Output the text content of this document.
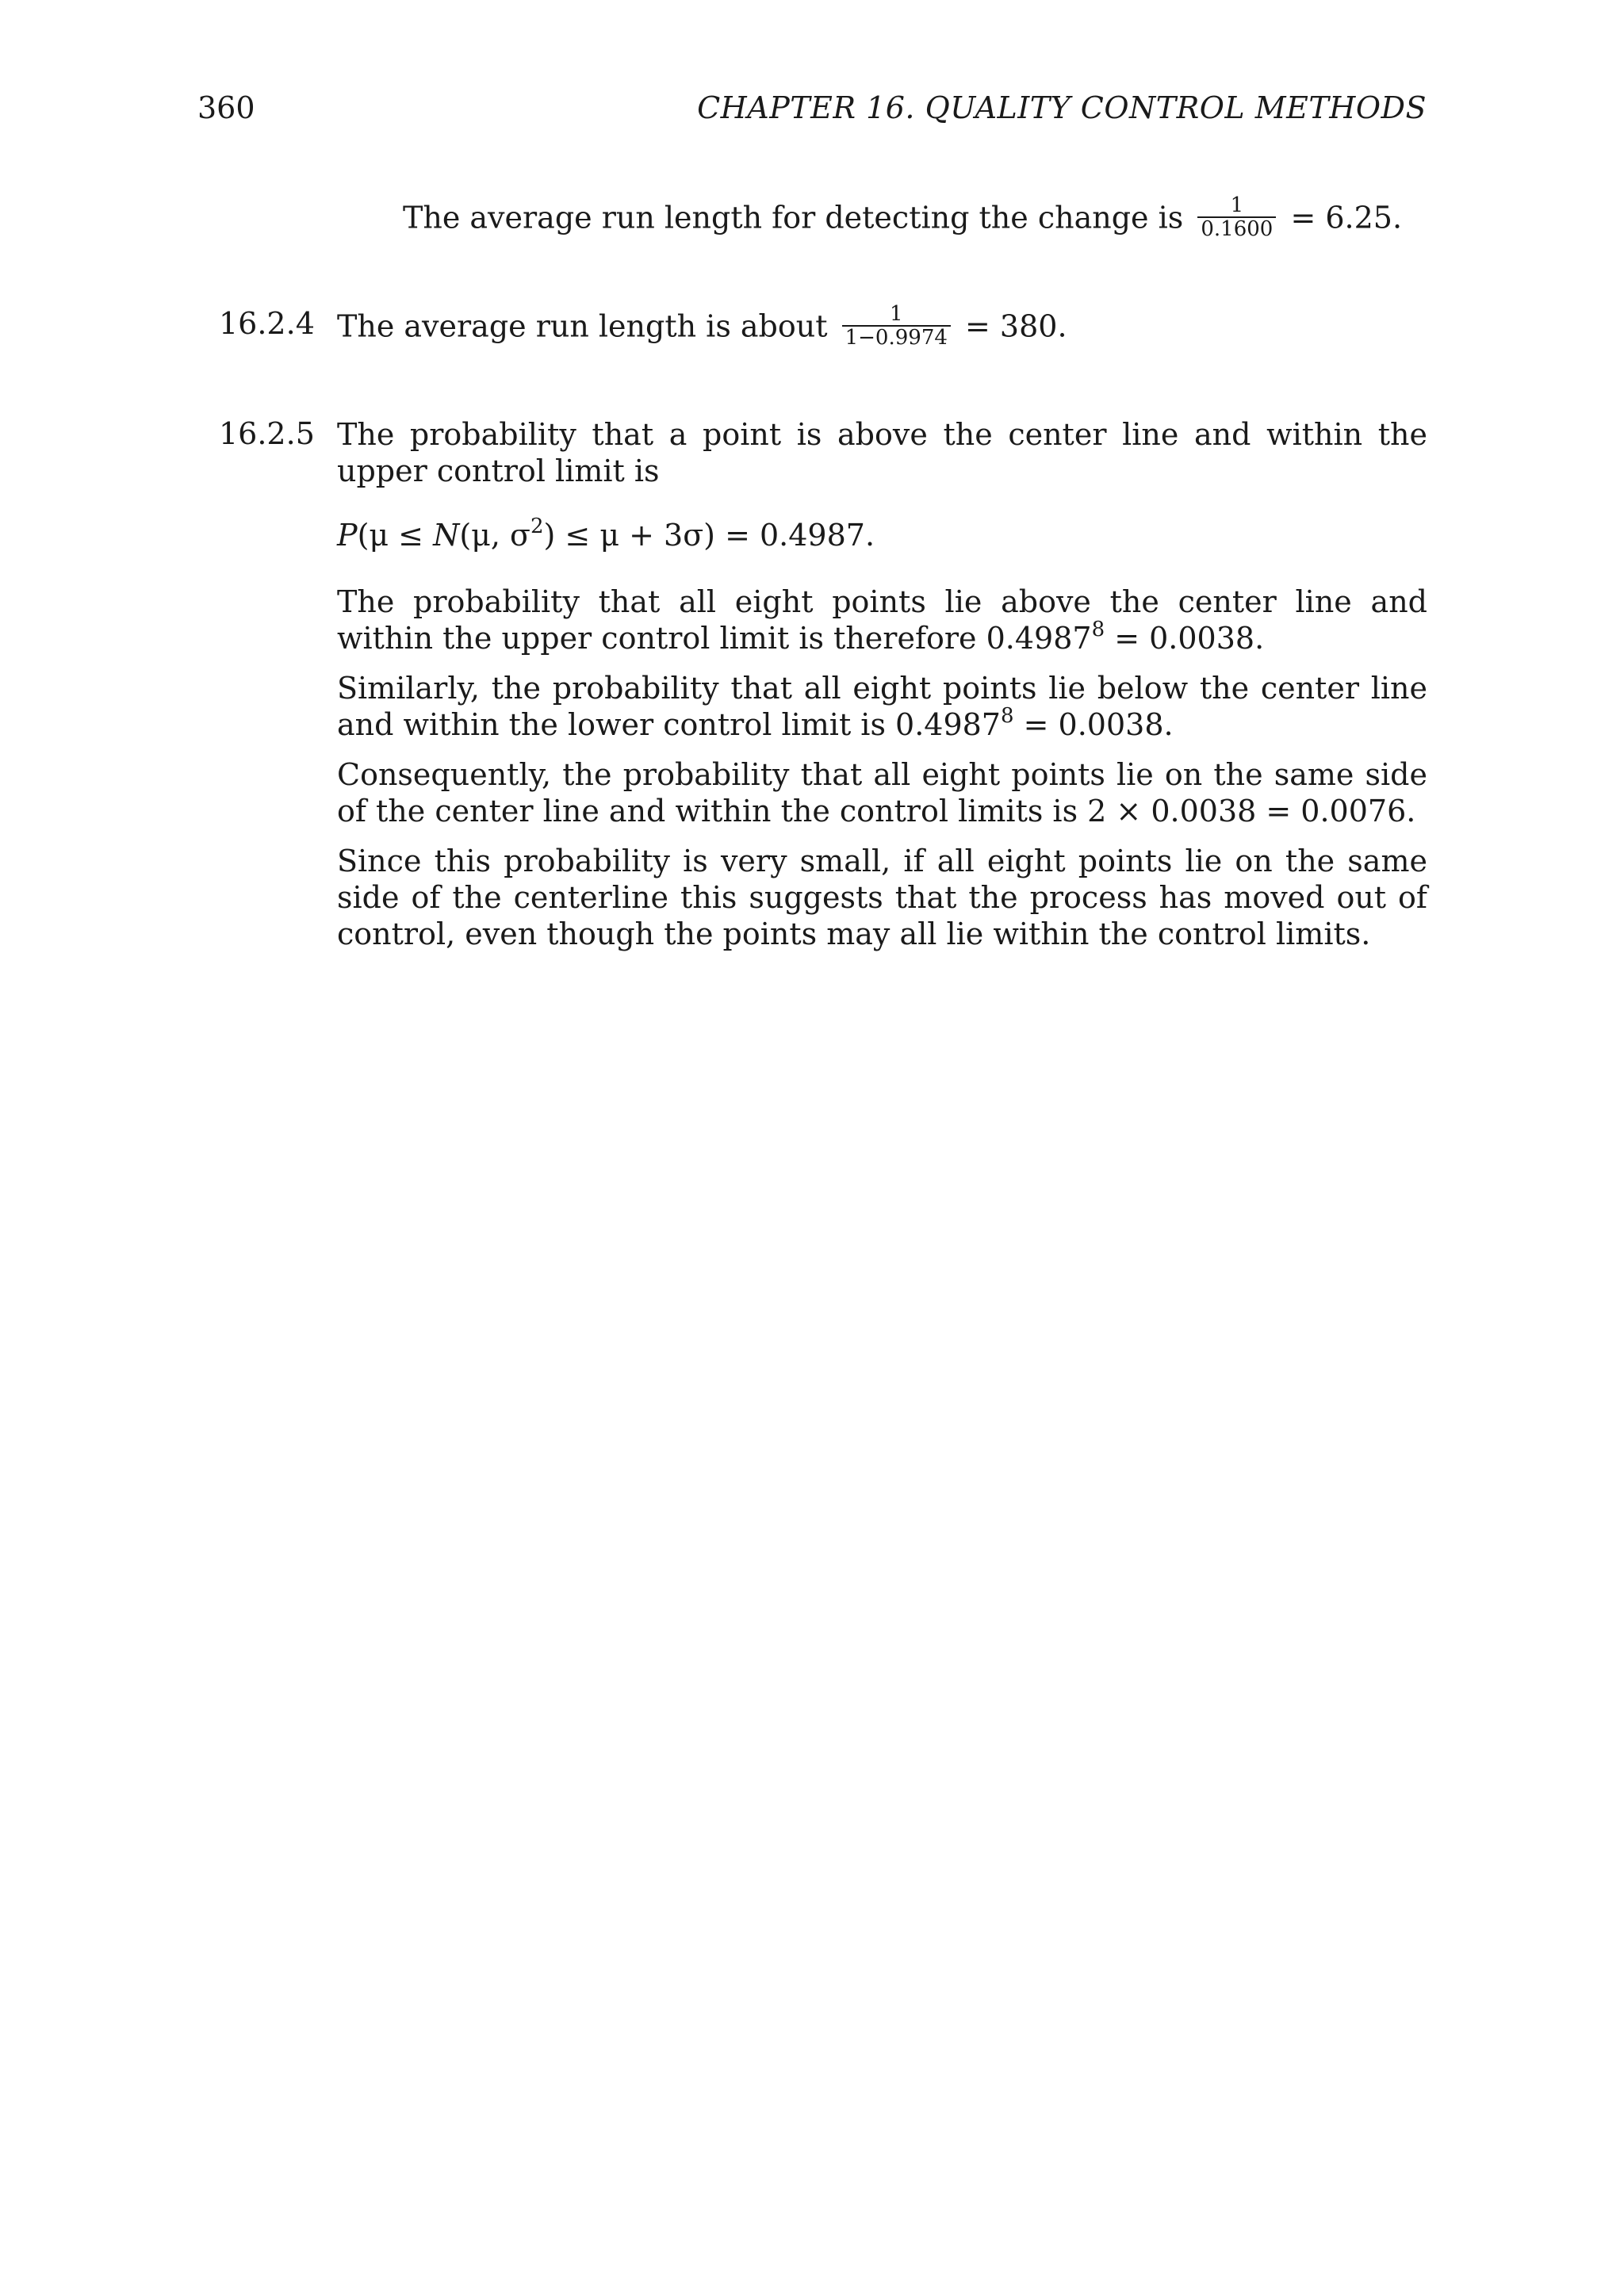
360	CHAPTER 16. QUALITY CONTROL METHODS
The average run length for detecting the change is $\frac{1}{0.1600} = 6.25$.
16.2.4 The average run length is about $\frac{1}{1-0.9974} = 380$.
16.2.5 The probability that a point is above the center line and within the upper control limit is
P(μ ≤ N(μ, $\sigma^2) \le \mu + 3\sigma) = 0.4987$.
The probability that all eight points lie above the center line and within the upper control limit is therefore $0.4987^8 = 0.0038$.
Similarly, the probability that all eight points lie below the center line and within the lower control limit is $0.4987^8 = 0.0038$.
Consequently, the probability that all eight points lie on the same side of the center line and within the control limits is 2 × 0.0038 = 0.0076.
Since this probability is very small, if all eight points lie on the same side of the centerline this suggests that the process has moved out of control, even though the points may all lie within the control limits.
